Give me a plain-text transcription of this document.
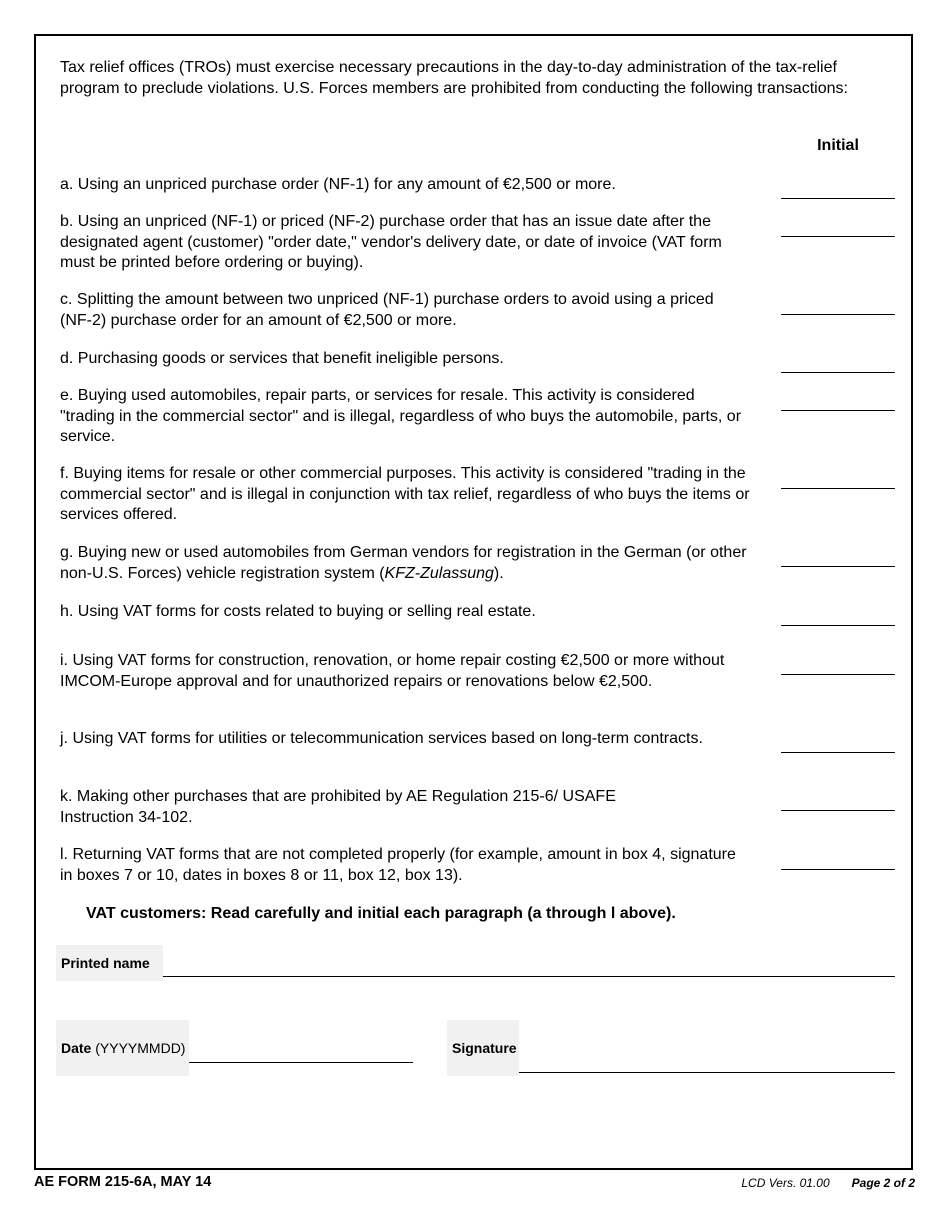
Tax relief offices (TROs) must exercise necessary precautions in the day-to-day administration of the tax-relief program to preclude violations. U.S. Forces members are prohibited from conducting the following transactions:
Initial
a. Using an unpriced purchase order (NF-1) for any amount of €2,500 or more.
b. Using an unpriced (NF-1) or priced (NF-2) purchase order that has an issue date after the designated agent (customer) "order date," vendor's delivery date, or date of invoice (VAT form must be printed before ordering or buying).
c. Splitting the amount between two unpriced (NF-1) purchase orders to avoid using a priced (NF-2) purchase order for an amount of €2,500 or more.
d. Purchasing goods or services that benefit ineligible persons.
e. Buying used automobiles, repair parts, or services for resale. This activity is considered "trading in the commercial sector" and is illegal, regardless of who buys the automobile, parts, or service.
f. Buying items for resale or other commercial purposes. This activity is considered "trading in the commercial sector" and is illegal in conjunction with tax relief, regardless of who buys the items or services offered.
g. Buying new or used automobiles from German vendors for registration in the German (or other non-U.S. Forces) vehicle registration system (KFZ-Zulassung).
h. Using VAT forms for costs related to buying or selling real estate.
i. Using VAT forms for construction, renovation, or home repair costing €2,500 or more without IMCOM-Europe approval and for unauthorized repairs or renovations below €2,500.
j. Using VAT forms for utilities or telecommunication services based on long-term contracts.
k. Making other purchases that are prohibited by AE Regulation 215-6/ USAFE Instruction 34-102.
l. Returning VAT forms that are not completed properly (for example, amount in box 4, signature in boxes 7 or 10, dates in boxes 8 or 11, box 12, box 13).
VAT customers: Read carefully and initial each paragraph (a through l above).
Printed name
Date
(YYYYMMDD)	Signature
AE FORM 215-6A, MAY 14	LCD Vers. 01.00 Page 2 of 2
